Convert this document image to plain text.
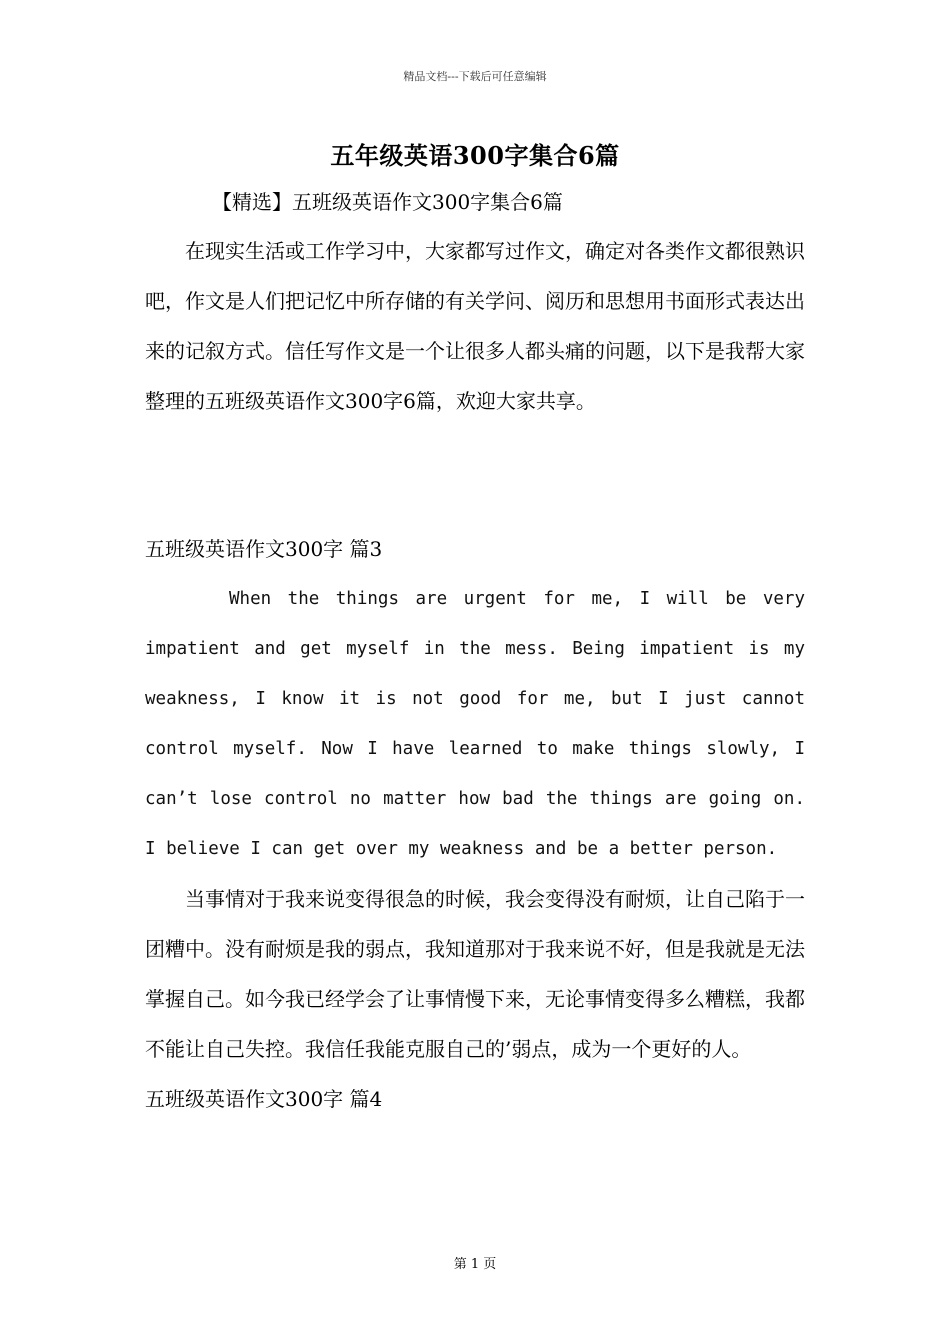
精品文档---下载后可任意编辑
五年级英语300字集合6篇
【精选】五班级英语作文300字集合6篇

在现实生活或工作学习中，大家都写过作文，确定对各类作文都很熟识吧，作文是人们把记忆中所存储的有关学问、阅历和思想用书面形式表达出来的记叙方式。信任写作文是一个让很多人都头痛的问题，以下是我帮大家整理的五班级英语作文300字6篇，欢迎大家共享。

五班级英语作文300字 篇3

When the things are urgent for me, I will be very impatient and get myself in the mess. Being impatient is my weakness, I know it is not good for me, but I just cannot control myself. Now I have learned to make things slowly, I can’t lose control no matter how bad the things are going on. I believe I can get over my weakness and be a better person.

当事情对于我来说变得很急的时候，我会变得没有耐烦，让自己陷于一团糟中。没有耐烦是我的弱点，我知道那对于我来说不好，但是我就是无法掌握自己。如今我已经学会了让事情慢下来，无论事情变得多么糟糕，我都不能让自己失控。我信任我能克服自己的’弱点，成为一个更好的人。

五班级英语作文300字 篇4

第 1 页
